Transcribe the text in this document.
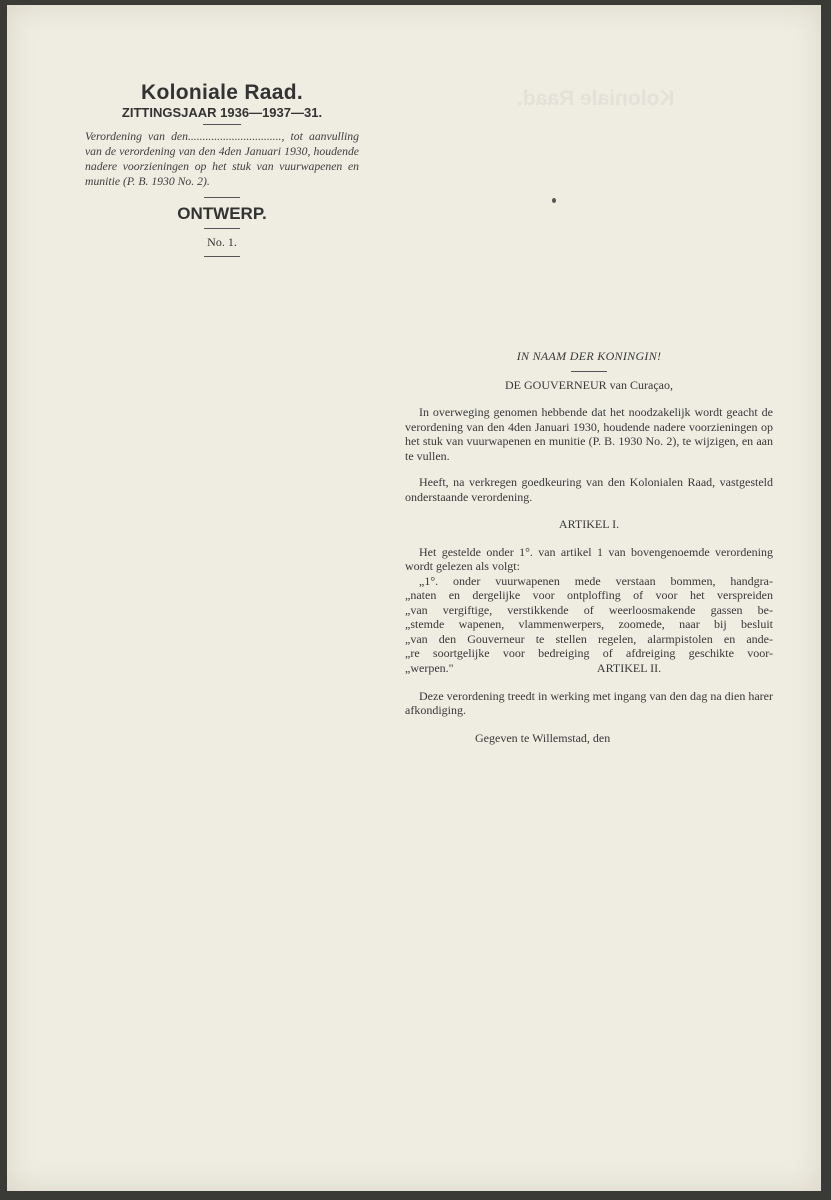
Koloniale Raad.
Koloniale Raad.
ZITTINGSJAAR 1936—1937—31.
Verordening van den................................, tot aanvulling van de verordening van den 4den Januari 1930, houdende nadere voorzieningen op het stuk van vuurwapenen en munitie (P. B. 1930 No. 2).
ONTWERP.
No. 1.
IN NAAM DER KONINGIN!
DE GOUVERNEUR van Curaçao,

In overweging genomen hebbende dat het noodzakelijk wordt geacht de verordening van den 4den Januari 1930, houdende nadere voorzieningen op het stuk van vuurwapenen en munitie (P. B. 1930 No. 2), te wijzigen, en aan te vullen.

Heeft, na verkregen goedkeuring van den Kolonialen Raad, vastgesteld onderstaande verordening.

ARTIKEL I.

Het gestelde onder 1°. van artikel 1 van bovengenoemde verordening wordt gelezen als volgt:

„1°. onder vuurwapenen mede verstaan bommen, handgra-
„naten en dergelijke voor ontploffing of voor het verspreiden
„van vergiftige, verstikkende of weerloosmakende gassen be-
„stemde wapenen, vlammenwerpers, zoomede, naar bij besluit
„van den Gouverneur te stellen regelen, alarmpistolen en ande-
„re soortgelijke voor bedreiging of afdreiging geschikte voor-
„werpen."	ARTIKEL II.

Deze verordening treedt in werking met ingang van den dag na dien harer afkondiging.

Gegeven te Willemstad, den
